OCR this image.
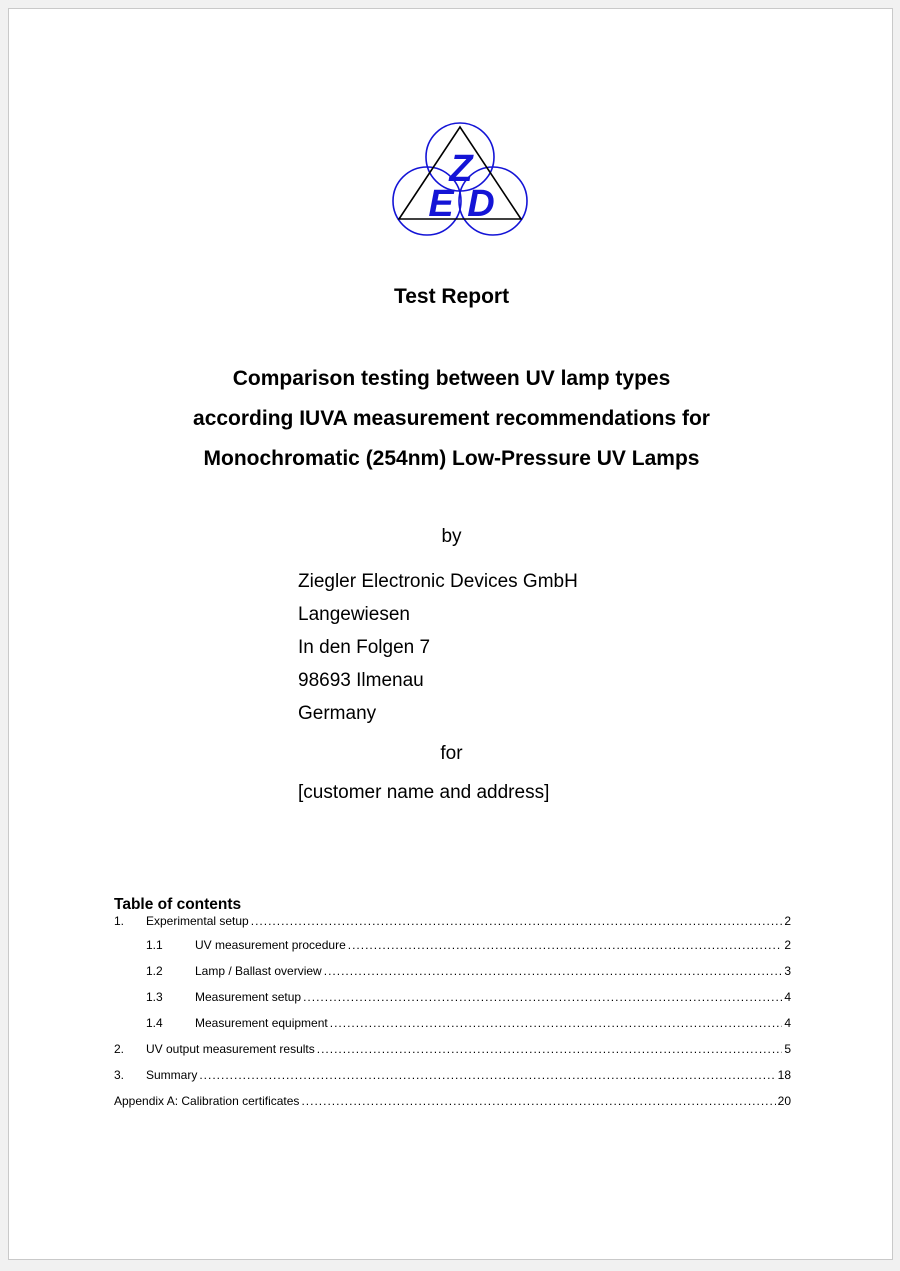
Z
E D
Test Report
Comparison testing between UV lamp types
according IUVA measurement recommendations for
Monochromatic (254nm) Low-Pressure UV Lamps
by
Ziegler Electronic Devices GmbH
Langewiesen
In den Folgen 7
98693 Ilmenau
Germany
for
[customer name and address]
Table of contents
1.	Experimental setup .....	2
1.1	UV measurement procedure .....	2
1.2	Lamp / Ballast overview .....	3
1.3	Measurement setup .....	4
1.4	Measurement equipment .....	4
2.	UV output measurement results .....	5
3.	Summary .....	18
Appendix A: Calibration certificates .....	20
